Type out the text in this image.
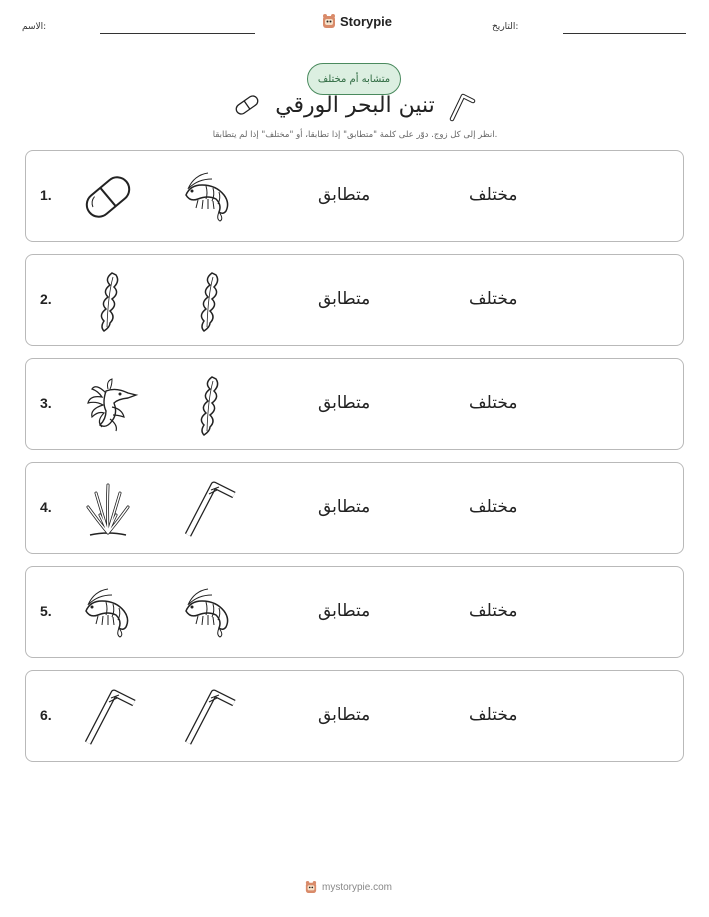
الاسم:	Storypie	التاريخ:
متشابه أم مختلف
تنين البحر الورقي
انظر إلى كل زوج. دوّر على كلمة "متطابق" إذا تطابقا، أو "مختلف" إذا لم يتطابقا.
1.	متطابق	مختلف
2.	متطابق	مختلف
3.	متطابق	مختلف
4.	متطابق	مختلف
5.	متطابق	مختلف
6.	متطابق	مختلف
mystorypie.com
